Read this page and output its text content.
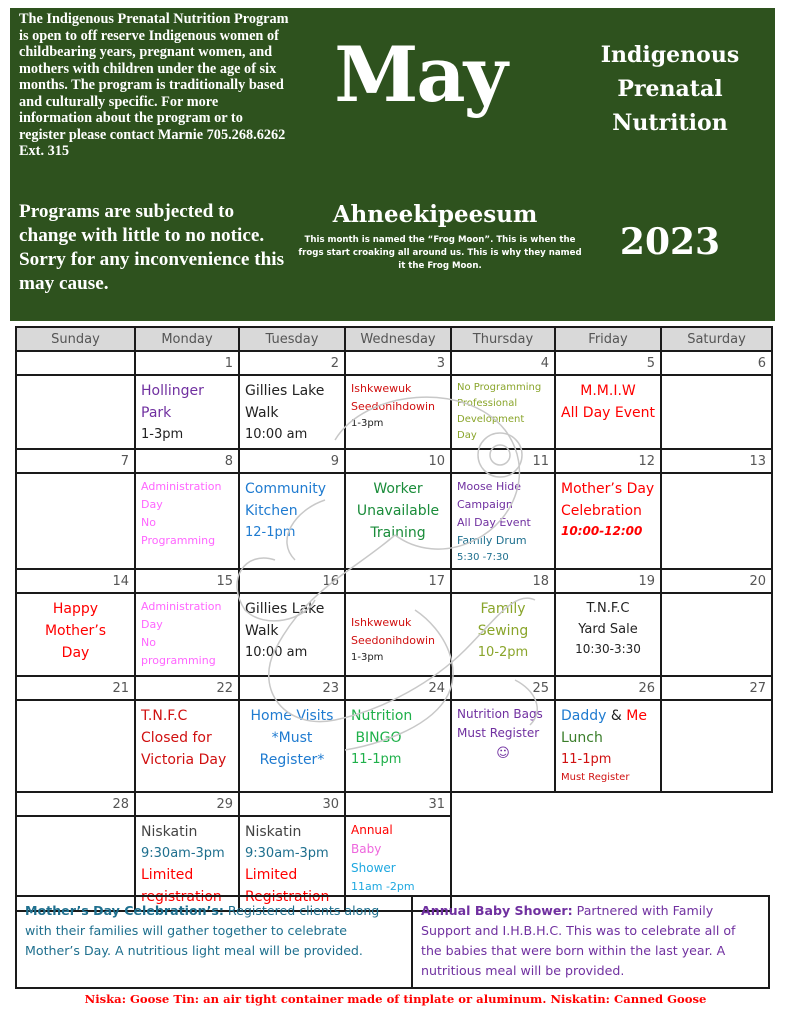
The Indigenous Prenatal Nutrition Program is open to off reserve Indigenous women of childbearing years, pregnant women, and mothers with children under the age of six months. The program is traditionally based and culturally specific. For more information about the program or to register please contact Marnie 705.268.6262 Ext. 315
Programs are subjected to change with little to no notice. Sorry for any inconvenience this may cause.
May	Indigenous
Prenatal
Nutrition
Ahneekipeesum
This month is named the “Frog Moon”. This is when the frogs start croaking all around us. This is why they named it the Frog Moon.
2023
Sunday	Monday	Tuesday	Wednesday	Thursday	Friday	Saturday
	1	2	3	4	5	6

	Hollinger
Park
1-3pm	Gillies Lake
Walk
10:00 am	Ishkwewuk
Seedonihdowin
1-3pm	No Programming
Professional
Development
Day	M.M.I.W
All Day Event	

7	8	9	10	11	12	13

	Administration
Day
No
Programming	Community
Kitchen
12-1pm	Worker
Unavailable
Training	Moose Hide
Campaign
All Day Event
Family Drum
5:30 -7:30	Mother’s Day
Celebration
10:00-12:00	

14	15	16	17	18	19	20

Happy
Mother’s
Day	Administration
Day
No
programming	Gillies Lake
Walk
10:00 am	Ishkwewuk
Seedonihdowin
1-3pm	Family
Sewing
10-2pm	T.N.F.C
Yard Sale
10:30-3:30	

21	22	23	24	25	26	27

	T.N.F.C
Closed for
Victoria Day	Home Visits
*Must
Register*	Nutrition
BINGO
11-1pm	Nutrition Bags
Must Register
☺	Daddy & Me
Lunch
11-1pm
Must Register	

28	29	30	31			

	Niskatin
9:30am-3pm
Limited
registration	Niskatin
9:30am-3pm
Limited
Registration	Annual
Baby
Shower
11am -2pm			

Mother’s Day Celebration’s: Registered clients along with their families will gather together to celebrate Mother’s Day. A nutritious light meal will be provided.
Annual Baby Shower: Partnered with Family Support and I.H.B.H.C. This was to celebrate all of the babies that were born within the last year. A nutritious meal will be provided.
Niska: Goose Tin: an air tight container made of tinplate or aluminum. Niskatin: Canned Goose
